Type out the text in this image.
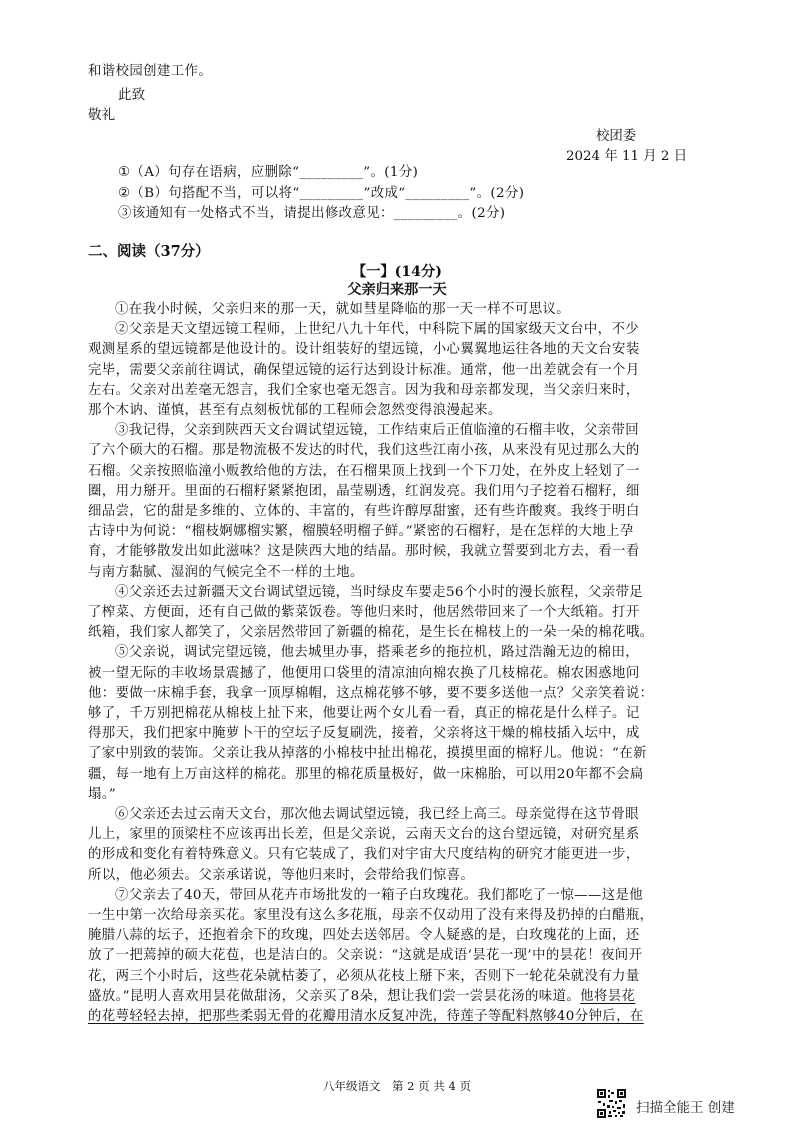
和谐校园创建工作。
此致
敬礼
校团委
2024 年 11 月 2 日
①（A）句存在语病，应删除“_________”。(1分)
②（B）句搭配不当，可以将“_________”改成“_________”。(2分)
③该通知有一处格式不当，请提出修改意见：_________。(2分)
二、阅读（37分）
【一】(14分)
父亲归来那一天
①在我小时候，父亲归来的那一天，就如彗星降临的那一天一样不可思议。
②父亲是天文望远镜工程师，上世纪八九十年代，中科院下属的国家级天文台中，不少
观测星系的望远镜都是他设计的。设计组装好的望远镜，小心翼翼地运往各地的天文台安装
完毕，需要父亲前往调试，确保望远镜的运行达到设计标准。通常，他一出差就会有一个月
左右。父亲对出差毫无怨言，我们全家也毫无怨言。因为我和母亲都发现，当父亲归来时，
那个木讷、谨慎，甚至有点刻板忧郁的工程师会忽然变得浪漫起来。
③我记得，父亲到陕西天文台调试望远镜，工作结束后正值临潼的石榴丰收，父亲带回
了六个硕大的石榴。那是物流极不发达的时代，我们这些江南小孩，从来没有见过那么大的
石榴。父亲按照临潼小贩教给他的方法，在石榴果顶上找到一个下刀处，在外皮上轻划了一
圈，用力掰开。里面的石榴籽紧紧抱团，晶莹剔透，红润发亮。我们用勺子挖着石榴籽，细
细品尝，它的甜是多维的、立体的、丰富的，有些许醇厚甜蜜，还有些许酸爽。我终于明白
古诗中为何说：“榴枝婀娜榴实繁，榴膜轻明榴子鲜。”紧密的石榴籽，是在怎样的大地上孕
育，才能够散发出如此滋味？这是陕西大地的结晶。那时候，我就立誓要到北方去，看一看
与南方黏腻、湿润的气候完全不一样的土地。
④父亲还去过新疆天文台调试望远镜，当时绿皮车要走56个小时的漫长旅程，父亲带足
了榨菜、方便面，还有自己做的紫菜饭卷。等他归来时，他居然带回来了一个大纸箱。打开
纸箱，我们家人都笑了，父亲居然带回了新疆的棉花，是生长在棉枝上的一朵一朵的棉花哦。
⑤父亲说，调试完望远镜，他去城里办事，搭乘老乡的拖拉机，路过浩瀚无边的棉田，
被一望无际的丰收场景震撼了，他便用口袋里的清凉油向棉农换了几枝棉花。棉农困惑地问
他：要做一床棉手套，我拿一顶厚棉帽，这点棉花够不够，要不要多送他一点？父亲笑着说：
够了，千万别把棉花从棉枝上扯下来，他要让两个女儿看一看，真正的棉花是什么样子。记
得那天，我们把家中腌萝卜干的空坛子反复刷洗，接着，父亲将这干燥的棉枝插入坛中，成
了家中别致的装饰。父亲让我从掉落的小棉枝中扯出棉花，摸摸里面的棉籽儿。他说：“在新
疆，每一地有上万亩这样的棉花。那里的棉花质量极好，做一床棉胎，可以用20年都不会扁
塌。”
⑥父亲还去过云南天文台，那次他去调试望远镜，我已经上高三。母亲觉得在这节骨眼
儿上，家里的顶梁柱不应该再出长差，但是父亲说，云南天文台的这台望远镜，对研究星系
的形成和变化有着特殊意义。只有它装成了，我们对宇宙大尺度结构的研究才能更进一步，
所以，他必须去。父亲承诺说，等他归来时，会带给我们惊喜。
⑦父亲去了40天，带回从花卉市场批发的一箱子白玫瑰花。我们都吃了一惊——这是他
一生中第一次给母亲买花。家里没有这么多花瓶，母亲不仅动用了没有来得及扔掉的白醋瓶，
腌腊八蒜的坛子，还抱着余下的玫瑰，四处去送邻居。令人疑惑的是，白玫瑰花的上面，还
放了一把蔫掉的硕大花苞，也是洁白的。父亲说：“这就是成语‘昙花一现’中的昙花！夜间开
花，两三个小时后，这些花朵就枯萎了，必须从花枝上掰下来，否则下一轮花朵就没有力量
盛放。”昆明人喜欢用昙花做甜汤，父亲买了8朵，想让我们尝一尝昙花汤的味道。他将昙花
的花萼轻轻去掉，把那些柔弱无骨的花瓣用清水反复冲洗，待莲子等配料熬够40分钟后，在
八年级语文　第 2 页 共 4 页
扫描全能王 创建
